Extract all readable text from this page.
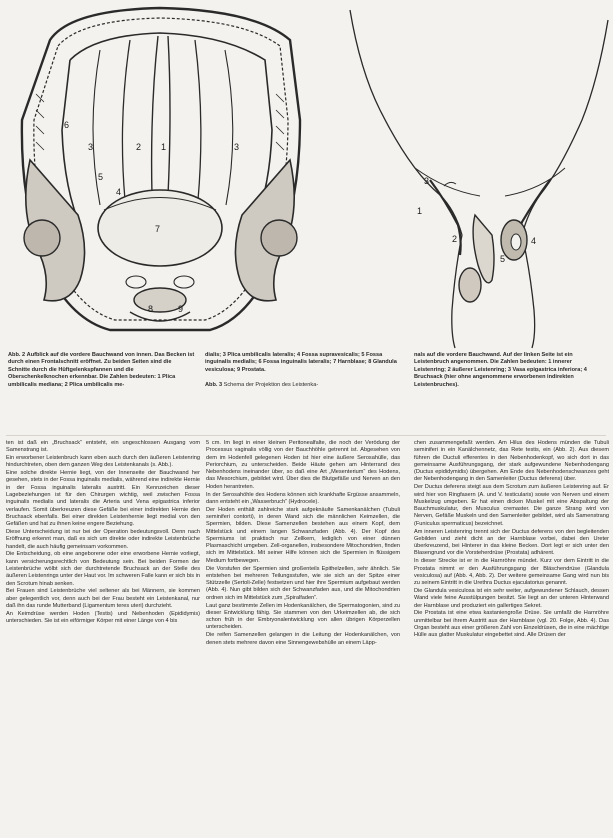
1
2
3	3
4
5
6
7
8	9
1
2
3
4
5
Abb. 2 Aufblick auf die vordere Bauchwand von innen. Das Becken ist durch einen Frontalschnitt eröffnet. Zu beiden Seiten sind die Schnitte durch die Hüftgelenkspfannen und die Oberschenkelknochen erkennbar. Die Zahlen bedeuten: 1 Plica umbilicalis mediana; 2 Plica umbilicalis me-
dialis; 3 Plica umbilicalis lateralis; 4 Fossa supravesicalis; 5 Fossa inguinalis medialis; 6 Fossa inguinalis lateralis; 7 Harnblase; 8 Glandula vesiculosa; 9 Prostata.

Abb. 3 Schema der Projektion des Leistenka-
nals auf die vordere Bauchwand. Auf der linken Seite ist ein Leistenbruch angenommen. Die Zahlen bedeuten: 1 innerer Leistenring; 2 äußerer Leistenring; 3 Vasa epigastrica inferiora; 4 Bruchsack (hier ohne angenommene erworbenen indirekten Leistenbruches).

ten ist daß ein „Bruchsack“ entsteht, ein ungeschlossen Ausgang vom Samenstrang ist.

Ein erworbener Leistenbruch kann eben auch durch den äußeren Leistenring hindurchtreten, oben dem ganzen Weg des Leistenkanals (s. Abb.).

Eine solche direkte Hernie liegt, von der Innenseite der Bauchwand her gesehen, stets in der Fossa inguinalis medialis, während eine indirekte Hernie in der Fossa inguinalis lateralis austritt. Ein Kennzeichen dieser Lagebeziehungen ist für den Chirurgen wichtig, weil zwischen Fossa inguinalis medialis und lateralis die Arteria und Vena epigastrica inferior verlaufen. Somit überkreuzen diese Gefäße bei einer indirekten Hernie den Bruchsack ebenfalls. Bei einer direkten Leistenhernie liegt medial von den Gefäßen und hat zu ihnen keine engere Beziehung.

Diese Unterscheidung ist nur bei der Operation bedeutungsvoll. Denn nach Eröffnung erkennt man, daß es sich um direkte oder indirekte Leistenbrüche handelt, die auch häufig gemeinsam vorkommen.

Die Entscheidung, ob eine angeborene oder eine erworbene Hernie vorliegt, kann versicherungsrechtlich von Bedeutung sein. Bei beiden Formen der Leistenbrüche wölbt sich der durchtretende Bruchsack an der Stelle des äußeren Leistenrings unter der Haut vor. Im schweren Falle kann er sich bis in den Scrotum hinab senken.

Bei Frauen sind Leistenbrüche viel seltener als bei Männern, sie kommen aber gelegentlich vor, denn auch bei der Frau besteht ein Leistenkanal, nur daß ihn das runde Mutterband (Ligamentum teres uteri) durchzieht.

An Keimdrüse werden Hoden (Testis) und Nebenhoden (Epididymis) unterschieden. Sie ist ein eiförmiger Körper mit einer Länge von 4 bis

5 cm. Im liegt in einer kleinen Peritonealfalte, die noch der Verödung der Processus vaginalis völlig von der Bauchhöhle getrennt ist. Abgesehen von dem im Hodenfell gelegenen Hoden ist hier eine äußere Serosahülle, das Periorchium, zu unterscheiden. Beide Häute gehen am Hinterrand des Nebenhodens ineinander über, so daß eine Art „Mesenterium“ des Hodens, das Mesorchium, gebildet wird. Über dies die Blutgefäße und Nerven an den Hoden herantreten.

In der Serosahöhle des Hodens können sich krankhafte Ergüsse ansammeln, dann entsteht ein „Wasserbruch“ (Hydrocele).

Der Hoden enthält zahlreiche stark aufgeknäulte Samenkanälchen (Tubuli seminiferi contorti), in deren Wand sich die männlichen Keimzellen, die Spermien, bilden. Diese Samenzellen bestehen aus einem Kopf, dem Mittelstück und einem langen Schwanzfaden (Abb. 4). Der Kopf des Spermiums ist praktisch nur Zellkern, lediglich von einer dünnen Plasmaschicht umgeben. Zell-organellen, insbesondere Mitochondrien, finden sich im Mittelstück. Mit seiner Hilfe können sich die Spermien in flüssigem Medium fortbewegen.

Die Vorstufen der Spermien sind großenteils Epithelzellen, sehr ähnlich. Sie entstehen bei mehreren Teilungsstufen, wie sie sich an der Spitze einer Stützzelle (Sertoli-Zelle) festsetzen und hier ihre Spermium aufgebaut werden (Abb. 4). Nun gibt bilden sich der Schwanzfaden aus, und die Mitochondrien ordnen sich im Mittelstück zum „Spiralfaden“.

Laut ganz bestimmte Zellen im Hodenkanälchen, die Spermatogonien, sind zu dieser Entwicklung fähig. Sie stammen von den Urkeimzellen ab, die sich schon früh in der Embryonalentwicklung von allen übrigen Körperzellen unterscheiden.

Die reifen Samenzellen gelangen in die Leitung der Hodenkanälchen, von denen stets mehrere davon eine Sinnengewebshülle an einem Läpp-

chen zusammengefaßt werden. Am Hilus des Hodens münden die Tubuli seminiferi in ein Kanälchennetz, das Rete testis, ein (Abb. 2). Aus diesem führen die Ductuli efferentes in den Nebenhodenkopf, wo sich dort in das gemeinsame Ausführungsgang, der stark aufgewundene Nebenhodengang (Ductus epididymidis) übergehen. Am Ende des Nebenhodenschwanzes geht der Nebenhodengang in den Samenleiter (Ductus deferens) über.

Der Ductus deferens steigt aus dem Scrotum zum äußeren Leistenring auf. Er wird hier von Ringfasern (A. und V. testicularis) sowie von Nerven und einem Muskelzug umgeben. Er hat einen dicken Muskel mit eine Abspaltung der Bauchmuskulatur, den Musculus cremaster. Die ganze Strang wird von Nerven, Gefäße Muskeln und den Samenleiter gebildet, wird als Samenstrang (Funiculus spermaticus) bezeichnet.

Am inneren Leistenring trennt sich der Ductus deferens von den begleitenden Gebilden und zieht dicht an der Harnblase vorbei, dabei den Ureter überkreuzend, bei Hinterer in das kleine Becken. Dort legt er sich unter den Blasengrund vor die Vorsteherdrüse (Prostata) adhärent.

In dieser Strecke ist er in die Harnröhre mündet. Kurz vor dem Eintritt in die Prostata nimmt er den Ausführungsgang der Bläschendrüse (Glandula vesiculosa) auf (Abb. 4, Abb. 2). Der weitere gemeinsame Gang wird nun bis zu seinem Eintritt in die Urethra Ductus ejaculatorius genannt.

Die Glandula vesiculosa ist ein sehr weiter, aufgewundener Schlauch, dessen Wand viele feine Ausstülpungen besitzt. Sie liegt an der unteren Hinterwand der Harnblase und produziert ein gallertiges Sekret.

Die Prostata ist eine etwa kastaniengroße Drüse. Sie umfaßt die Harnröhre unmittelbar bei ihrem Austritt aus der Harnblase (vgl. 20. Folge, Abb. 4). Das Organ besteht aus einer größeren Zahl von Einzeldrüsen, die in eine mächtige Hülle aus glatter Muskulatur eingebettet sind. Alle Drüsen der
